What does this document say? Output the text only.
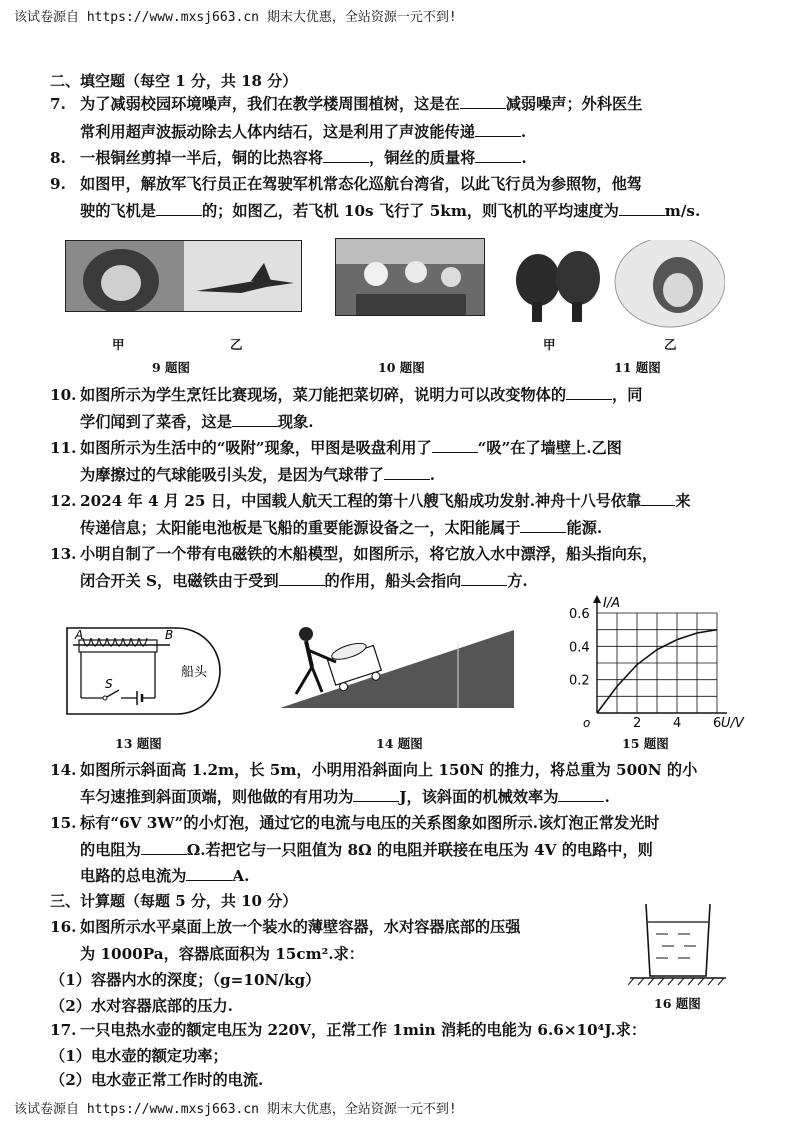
该试卷源自 https://www.mxsj663.cn 期末大优惠，全站资源一元不到!
二、填空题（每空 1 分，共 18 分）
7. 为了减弱校园环境噪声，我们在教学楼周围植树，这是在	减弱噪声；外科医生
常利用超声波振动除去人体内结石，这是利用了声波能传递	.
8. 一根铜丝剪掉一半后，铜的比热容将	，铜丝的质量将	.
9. 如图甲，解放军飞行员正在驾驶军机常态化巡航台湾省，以此飞行员为参照物，他驾
驶的飞机是	的；如图乙，若飞机 10s 飞行了 5km，则飞机的平均速度为	m/s.
甲	乙
9 题图	10 题图
甲	乙
11 题图
10. 如图所示为学生烹饪比赛现场，菜刀能把菜切碎，说明力可以改变物体的	，同
学们闻到了菜香，这是	现象.
11. 如图所示为生活中的“吸附”现象，甲图是吸盘利用了	“吸”在了墙壁上.乙图
为摩擦过的气球能吸引头发，是因为气球带了	.
12. 2024 年 4 月 25 日，中国载人航天工程的第十八艘飞船成功发射.神舟十八号依靠 来
传递信息；太阳能电池板是飞船的重要能源设备之一，太阳能属于	能源.
13. 小明自制了一个带有电磁铁的木船模型，如图所示，将它放入水中漂浮，船头指向东，
闭合开关 S，电磁铁由于受到	的作用，船头会指向	方.
A	B
S
船头
13 题图	14 题图
2 4 6
0.2
0.4
0.6
o	U/V
I/A
15 题图
14. 如图所示斜面高 1.2m，长 5m，小明用沿斜面向上 150N 的推力，将总重为 500N 的小
车匀速推到斜面顶端，则他做的有用功为	J，该斜面的机械效率为	.
15. 标有“6V 3W”的小灯泡，通过它的电流与电压的关系图象如图所示.该灯泡正常发光时
的电阻为	Ω.若把它与一只阻值为 8Ω 的电阻并联接在电压为 4V 的电路中，则
电路的总电流为	A.
三、计算题（每题 5 分，共 10 分）
16. 如图所示水平桌面上放一个装水的薄壁容器，水对容器底部的压强
为 1000Pa，容器底面积为 15cm².求：
（1）容器内水的深度；（g=10N/kg）
（2）水对容器底部的压力.	16 题图
17. 一只电热水壶的额定电压为 220V，正常工作 1min 消耗的电能为 6.6×10⁴J.求：
（1）电水壶的额定功率；
（2）电水壶正常工作时的电流.
该试卷源自 https://www.mxsj663.cn 期末大优惠，全站资源一元不到!
